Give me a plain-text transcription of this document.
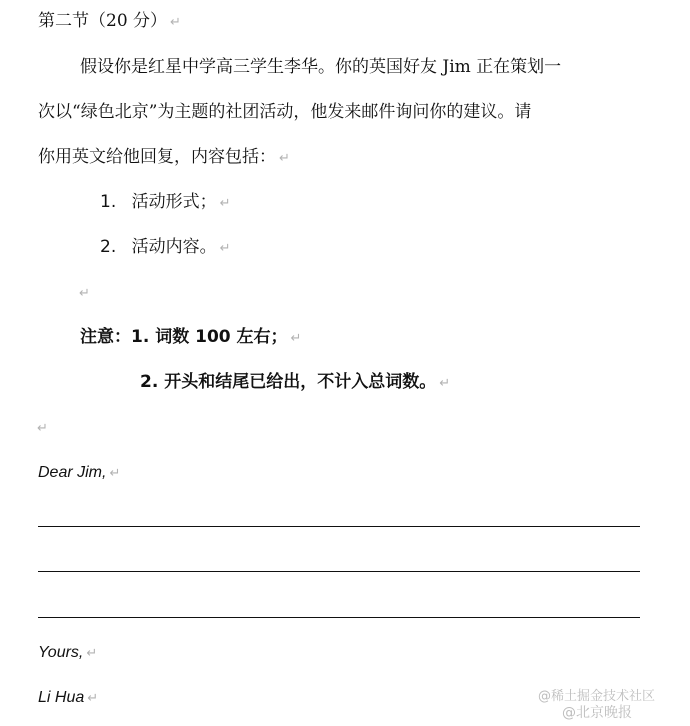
第二节（20 分） ↵
假设你是红星中学高三学生李华。你的英国好友 Jim 正在策划一
次以“绿色北京”为主题的社团活动，他发来邮件询问你的建议。请
你用英文给他回复，内容包括： ↵
1. 活动形式； ↵
2. 活动内容。 ↵
↵
注意：1. 词数 100 左右； ↵
2. 开头和结尾已给出，不计入总词数。 ↵
↵
Dear Jim, ↵
Yours, ↵
Li Hua ↵	@稀土掘金技术社区
@北京晚报
